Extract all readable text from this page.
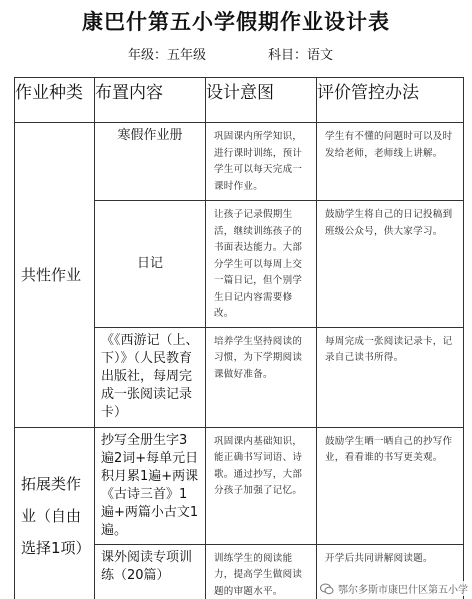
康巴什第五小学假期作业设计表
年级：五年级	科目：语文
作业种类	布置内容	设计意图	评价管控办法
共性作业	寒假作业册	巩固课内所学知识，进行课时训练，预计学生可以每天完成一课时作业。	学生有不懂的问题时可以及时发给老师，老师线上讲解。
	日记	让孩子记录假期生活，继续训练孩子的书面表达能力。大部分学生可以每周上交一篇日记，但个别学生日记内容需要修改。	鼓励学生将自己的日记投稿到班级公众号，供大家学习。
	《《西游记（上、下）》（人民教育出版社，每周完成一张阅读记录卡）	培养学生坚持阅读的习惯，为下学期阅读课做好准备。	每周完成一张阅读记录卡，记录自己读书所得。
拓展类作业（自由选择1项）	抄写全册生字3遍2词+每单元日积月累1遍+两课《古诗三首》1遍+两篇小古文1遍。	巩固课内基础知识，能正确书写词语、诗歌。通过抄写，大部分孩子加强了记忆。	鼓励学生晒一晒自己的抄写作业，看看谁的书写更美观。
	课外阅读专项训练（20篇）	训练学生的阅读能力，提高学生做阅读题的审题水平。	开学后共同讲解阅读题。
鄂尔多斯市康巴什区第五小学
